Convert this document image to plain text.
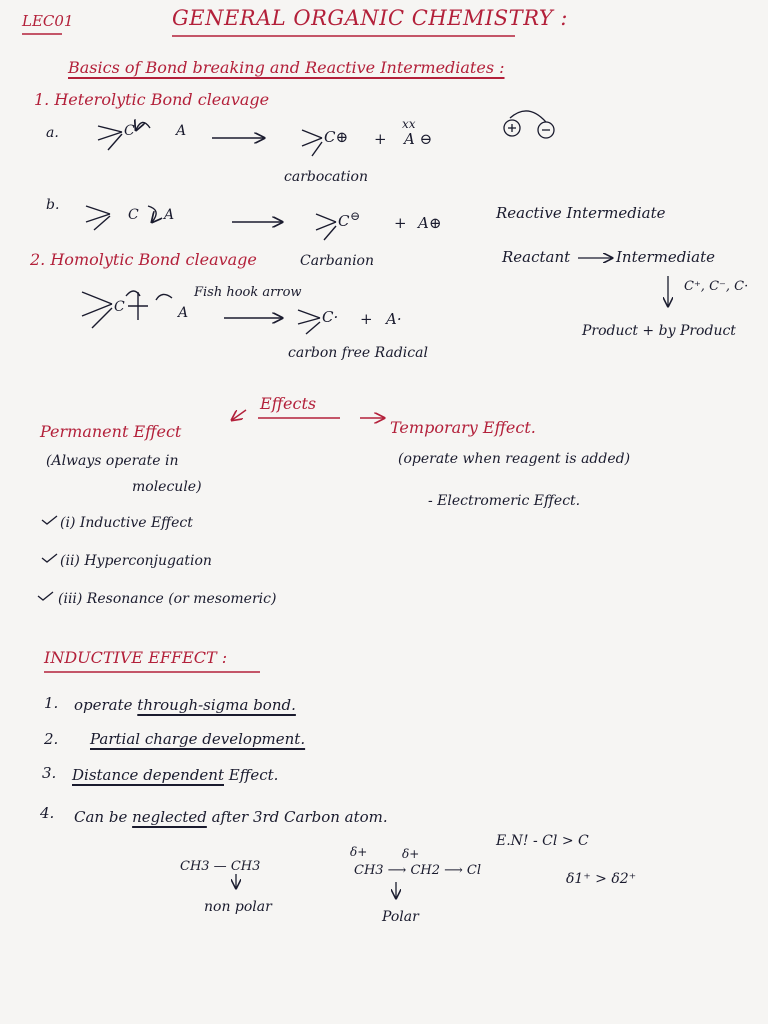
LEC01	GENERAL ORGANIC CHEMISTRY :
Basics of Bond breaking and Reactive Intermediates :
1. Heterolytic Bond cleavage
a.	C	A	C⊕ +
xx
A ⊖
carbocation
b.
C A	C ⊖ + A⊕
2. Homolytic Bond cleavage	Carbanion
Fish hook arrow
C	A	C· + A·
carbon free Radical
Reactive Intermediate
Reactant	Intermediate
C⁺, C⁻, C·
Product + by Product
Effects
Permanent Effect
(Always operate in
molecule)
Temporary Effect.
(operate when reagent is added)
- Electromeric Effect.
(i) Inductive Effect
(ii) Hyperconjugation
(iii) Resonance (or mesomeric)
INDUCTIVE EFFECT :
1. operate through-sigma bond.
2. Partial charge development.
3. Distance dependent Effect.
4. Can be neglected after 3rd Carbon atom.
CH3 — CH3
non polar
δ+	δ+
CH3 ⟶ CH2 ⟶ Cl
Polar
E.N! - Cl > C
δ1⁺ > δ2⁺
